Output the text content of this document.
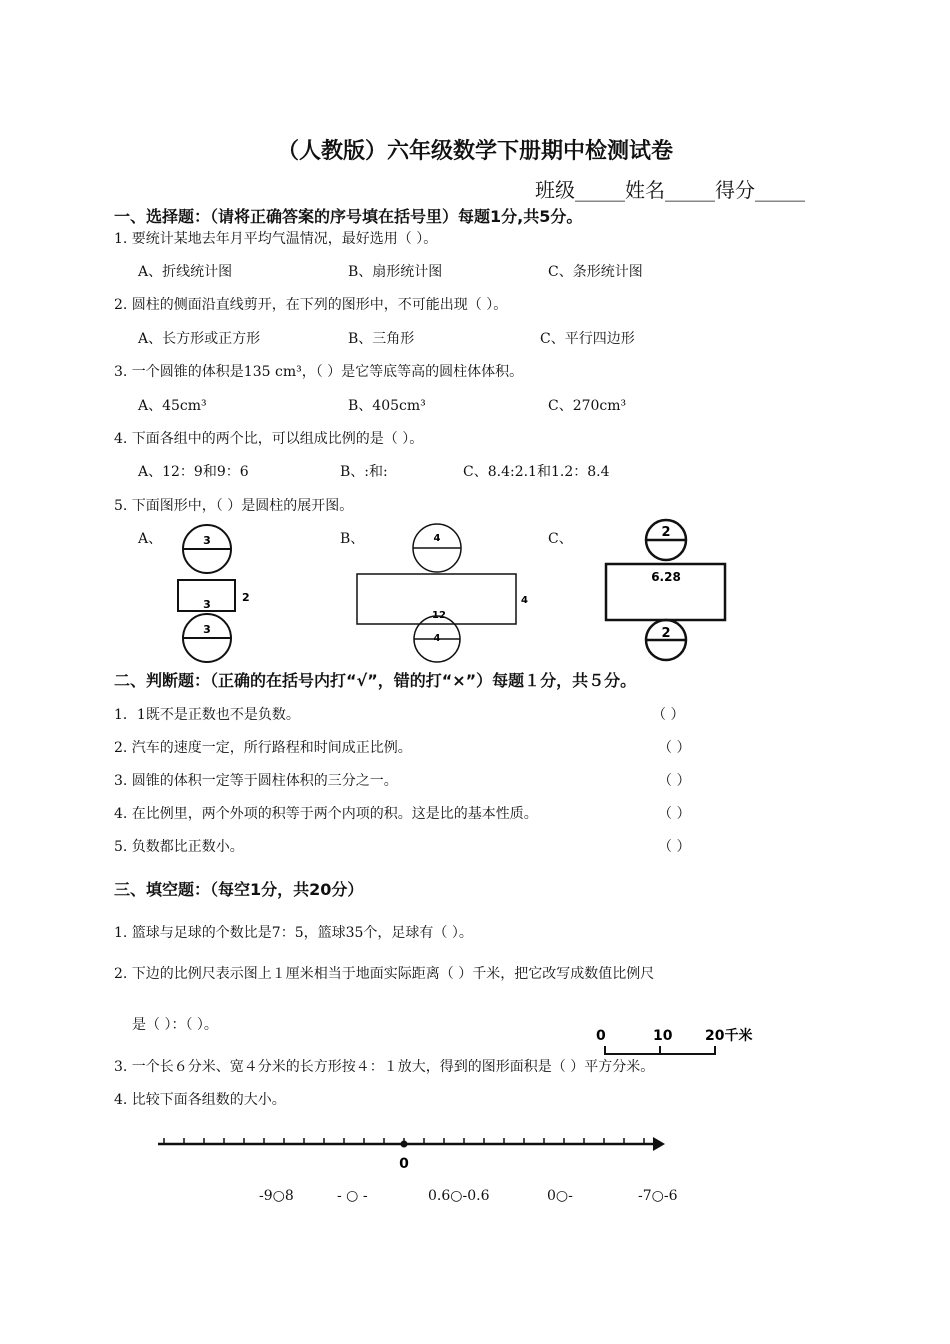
（人教版）六年级数学下册期中检测试卷
班级_____姓名_____得分_____
一、选择题：（请将正确答案的序号填在括号里）每题1分,共5分。
1. 要统计某地去年月平均气温情况，最好选用（ ）。
A、折线统计图	B、扇形统计图	C、条形统计图
2. 圆柱的侧面沿直线剪开，在下列的图形中，不可能出现（ ）。
A、长方形或正方形	B、三角形	C、平行四边形
3. 一个圆锥的体积是135 cm³，（ ）是它等底等高的圆柱体体积。
A、45cm³	B、405cm³	C、270cm³
4. 下面各组中的两个比，可以组成比例的是（ ）。
A、12：9和9：6	B、:和:	C、8.4:2.1和1.2：8.4
5. 下面图形中，（ ）是圆柱的展开图。
A、	B、	C、
3
3
2
3
4
12
4
4
2
6.28
2
二、判断题：（正确的在括号内打“√”，错的打“×”）每题１分，共５分。
1．1既不是正数也不是负数。	（ ）
2. 汽车的速度一定，所行路程和时间成正比例。	（ ）
3. 圆锥的体积一定等于圆柱体积的三分之一。	（ ）
4. 在比例里，两个外项的积等于两个内项的积。这是比的基本性质。	（ ）
5. 负数都比正数小。	（ ）
三、填空题：（每空1分，共20分）
1. 篮球与足球的个数比是7：5，篮球35个，足球有（ ）。
2. 下边的比例尺表示图上１厘米相当于地面实际距离（ ）千米，把它改写成数值比例尺
是（ ）：（ ）。
0	10 20千米
3. 一个长６分米、宽４分米的长方形按４：１放大，得到的图形面积是（ ）平方分米。
4. 比较下面各组数的大小。
0
-9○8	- ○ -	0.6○-0.6	0○-	-7○-6
